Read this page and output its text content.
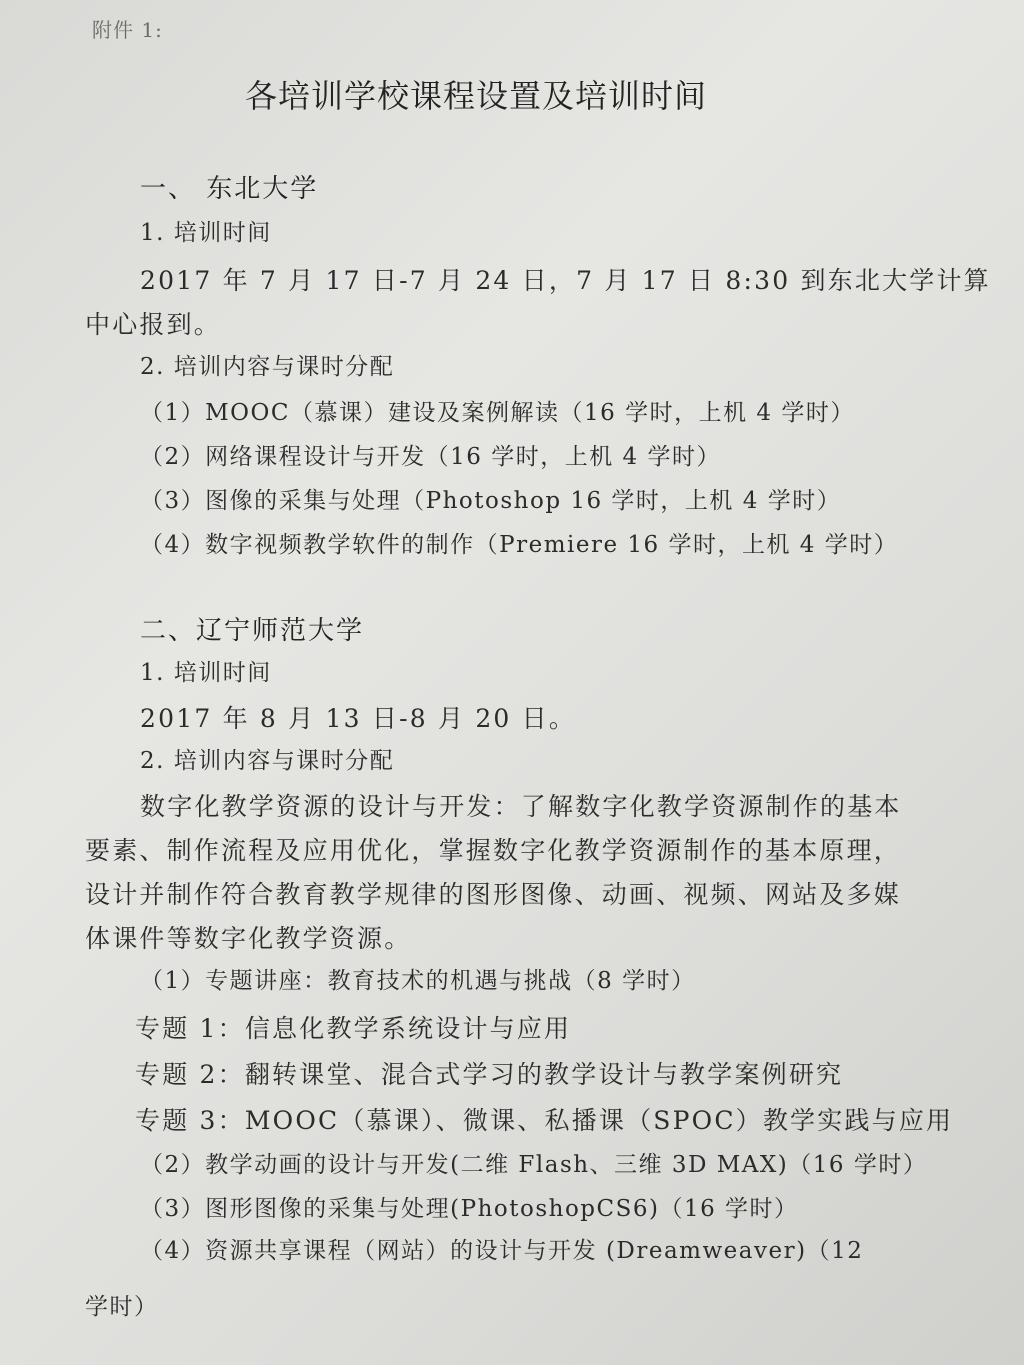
附件 1:
各培训学校课程设置及培训时间
一、 东北大学
1. 培训时间
2017 年 7 月 17 日-7 月 24 日，7 月 17 日 8:30 到东北大学计算
中心报到。
2. 培训内容与课时分配
（1）MOOC（慕课）建设及案例解读（16 学时，上机 4 学时）
（2）网络课程设计与开发（16 学时，上机 4 学时）
（3）图像的采集与处理（Photoshop 16 学时，上机 4 学时）
（4）数字视频教学软件的制作（Premiere 16 学时，上机 4 学时）
二、辽宁师范大学
1. 培训时间
2017 年 8 月 13 日-8 月 20 日。
2. 培训内容与课时分配
数字化教学资源的设计与开发：了解数字化教学资源制作的基本
要素、制作流程及应用优化，掌握数字化教学资源制作的基本原理，
设计并制作符合教育教学规律的图形图像、动画、视频、网站及多媒
体课件等数字化教学资源。
（1）专题讲座：教育技术的机遇与挑战（8 学时）
专题 1：信息化教学系统设计与应用
专题 2：翻转课堂、混合式学习的教学设计与教学案例研究
专题 3：MOOC（慕课）、微课、私播课（SPOC）教学实践与应用
（2）教学动画的设计与开发(二维 Flash、三维 3D MAX)（16 学时）
（3）图形图像的采集与处理(PhotoshopCS6)（16 学时）
（4）资源共享课程（网站）的设计与开发 (Dreamweaver)（12
学时）
